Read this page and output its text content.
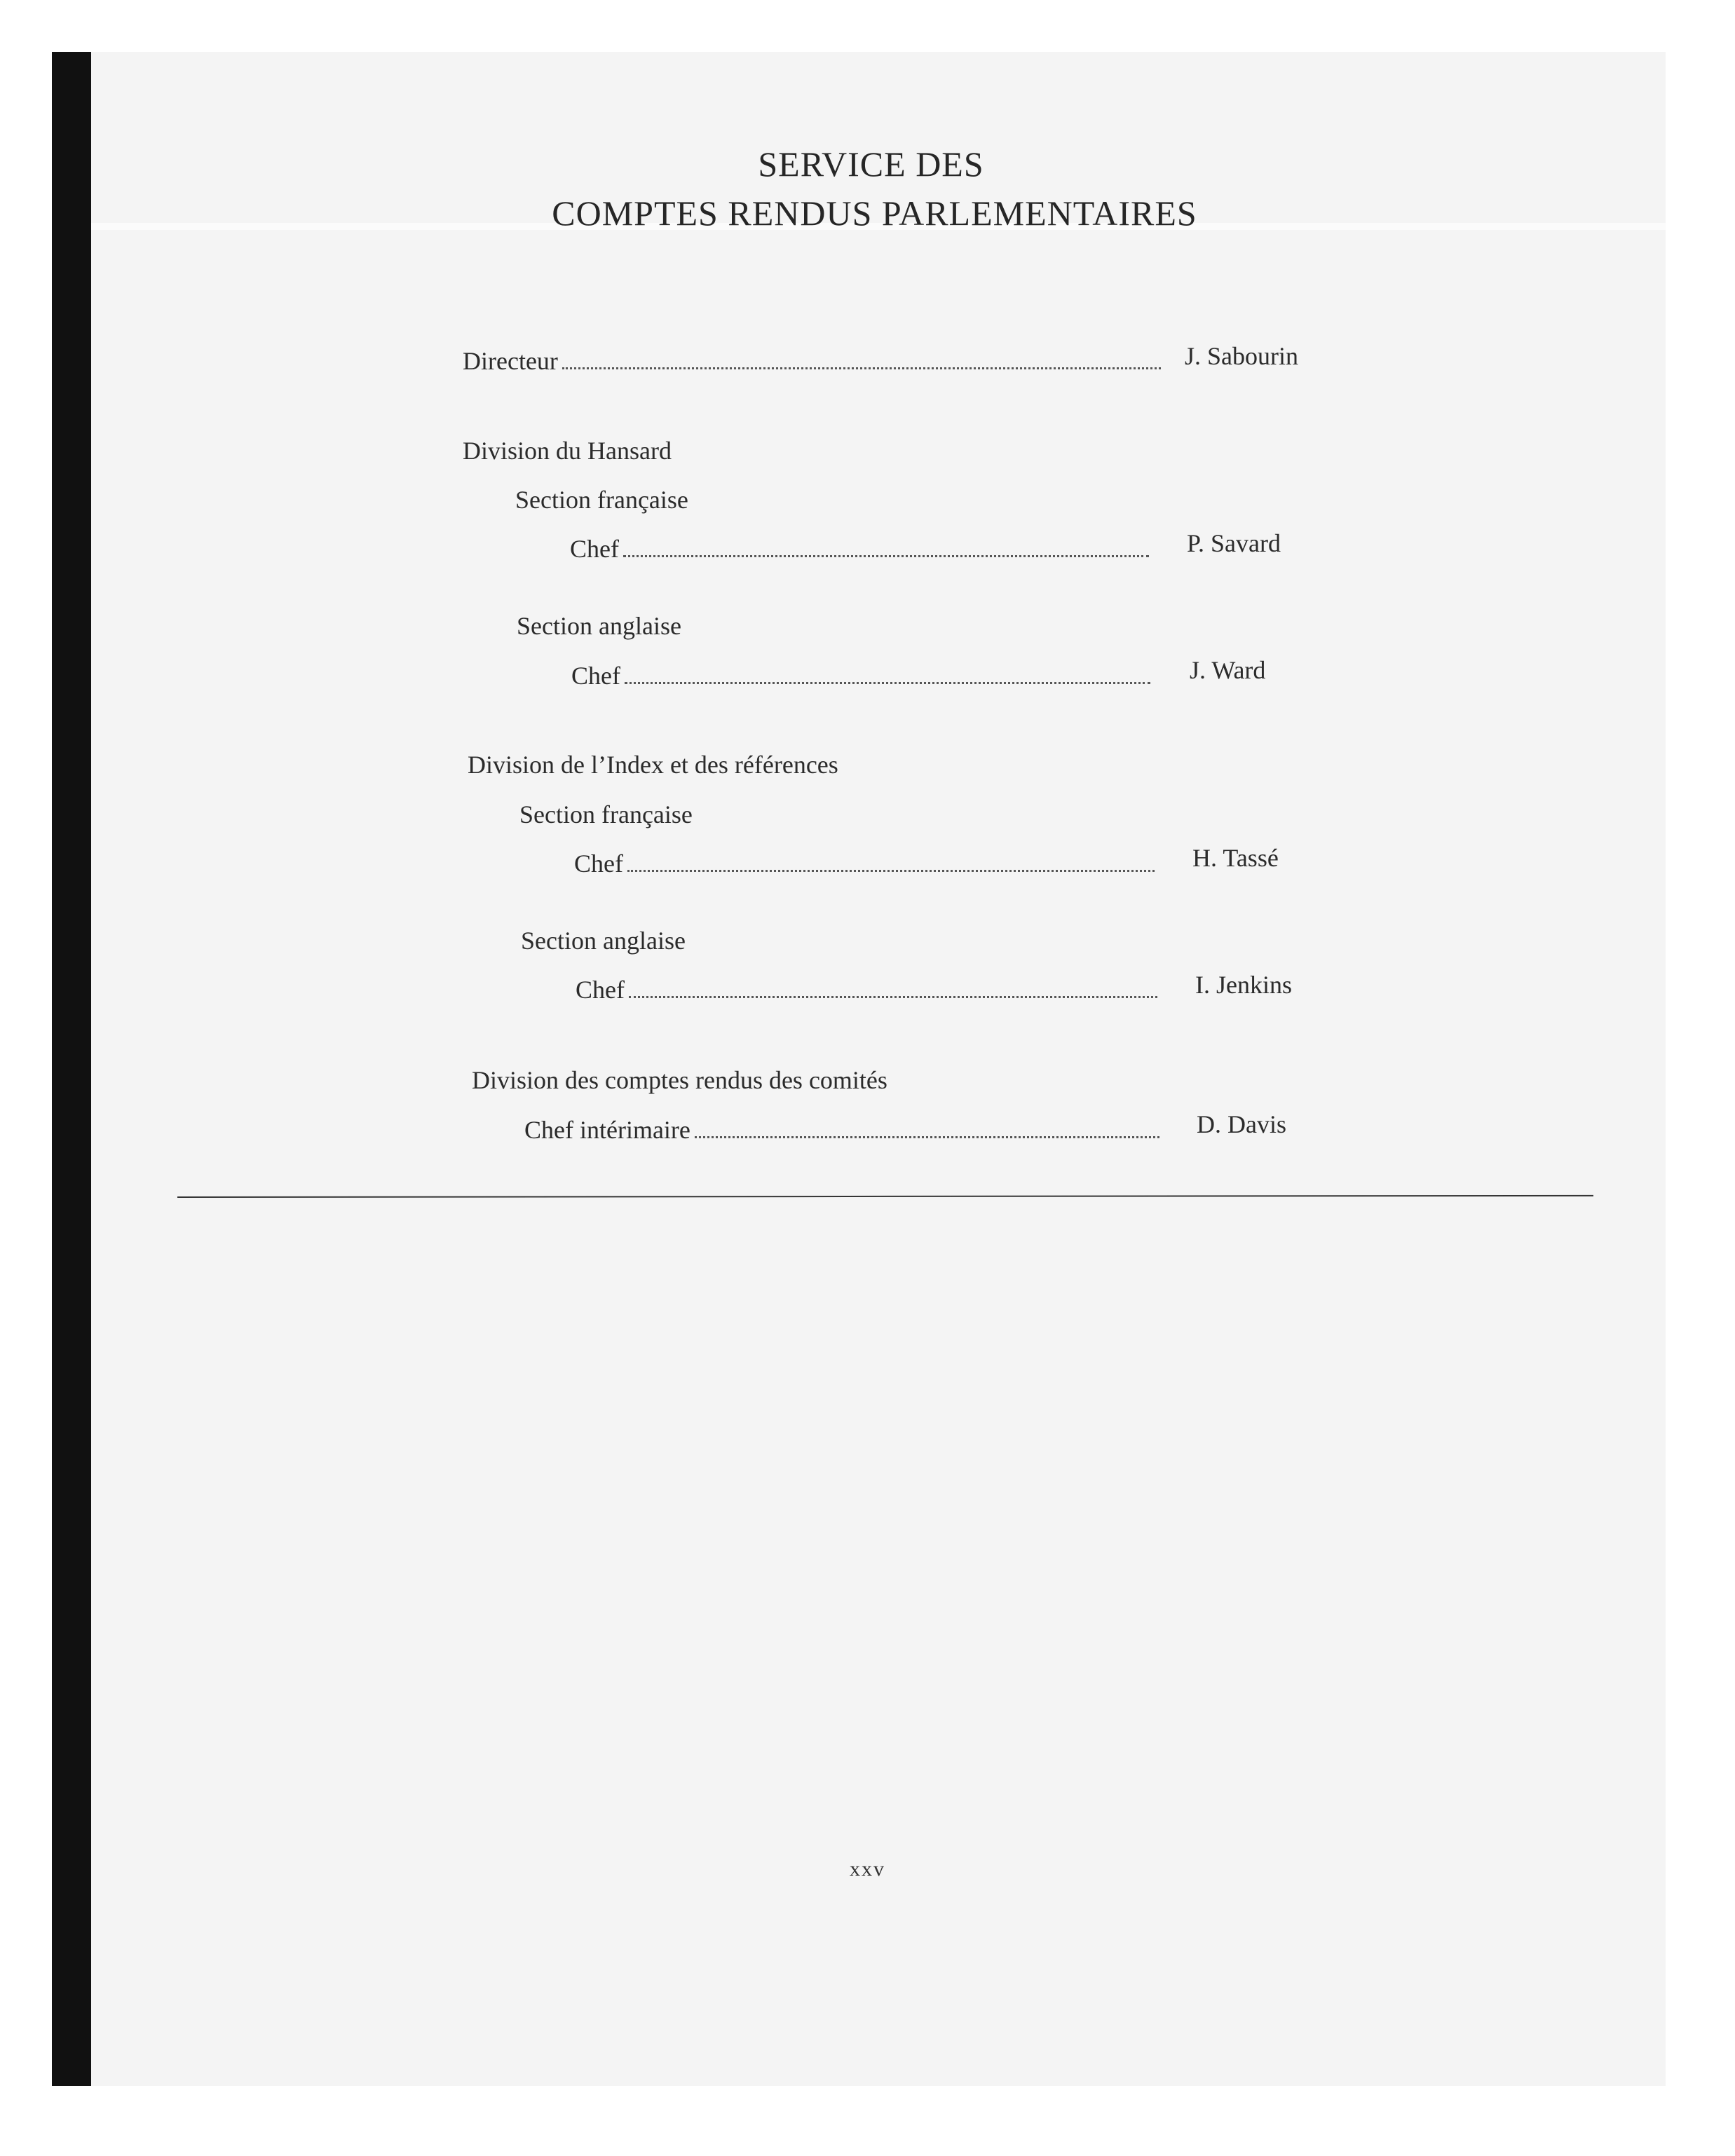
SERVICE DES
COMPTES RENDUS PARLEMENTAIRES
Directeur	J. Sabourin
Division du Hansard
Section française
Chef	P. Savard
Section anglaise
Chef	J. Ward
Division de l’Index et des références
Section française
Chef	H. Tassé
Section anglaise
Chef	I. Jenkins
Division des comptes rendus des comités
Chef intérimaire	D. Davis
xxv
